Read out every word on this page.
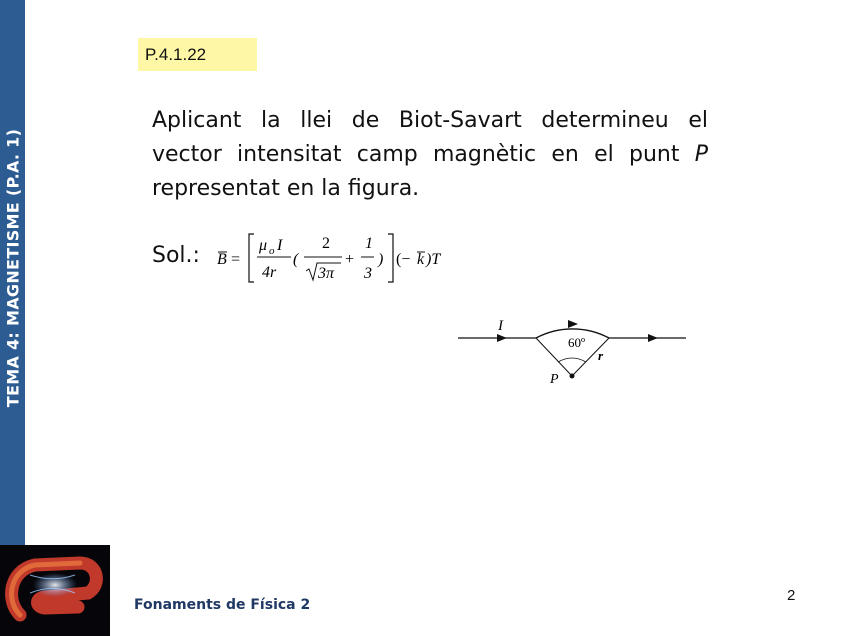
TEMA 4: MAGNETISME (P.A. 1)
P.4.1.22
Aplicant la llei de Biot-Savart determineu el vector intensitat camp magnètic en el punt P representat en la figura.
Sol.: B =
μ o I
4r
(
2
3π
+
1
3
) (− k )T
I
60º
r
P
Fonaments de Física 2
2
